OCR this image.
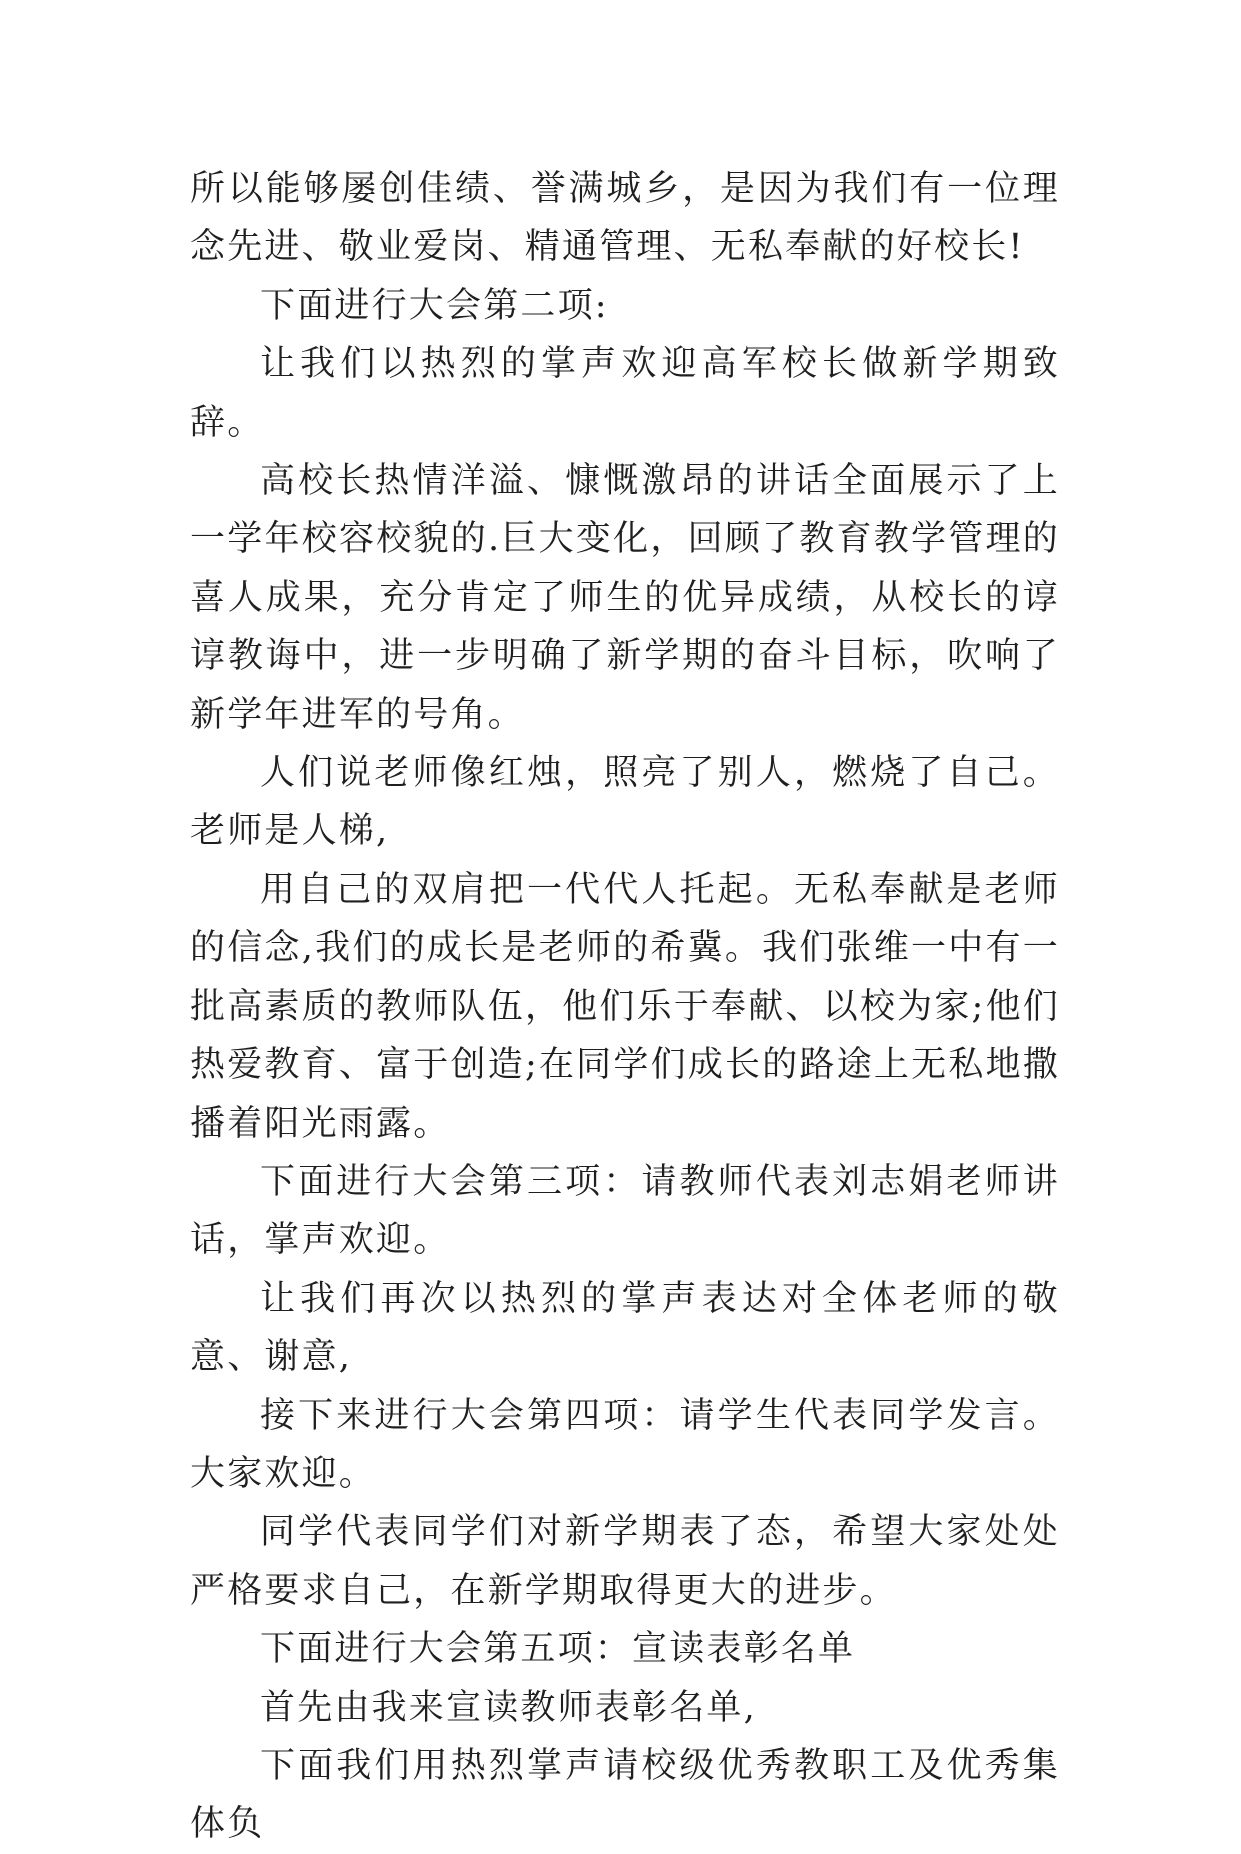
所以能够屡创佳绩、誉满城乡，是因为我们有一位理念先进、敬业爱岗、精通管理、无私奉献的好校长!

下面进行大会第二项:

让我们以热烈的掌声欢迎高军校长做新学期致辞。

高校长热情洋溢、慷慨激昂的讲话全面展示了上一学年校容校貌的.巨大变化，回顾了教育教学管理的喜人成果，充分肯定了师生的优异成绩，从校长的谆谆教诲中，进一步明确了新学期的奋斗目标，吹响了新学年进军的号角。

人们说老师像红烛，照亮了别人，燃烧了自己。老师是人梯,

用自己的双肩把一代代人托起。无私奉献是老师的信念,我们的成长是老师的希冀。我们张维一中有一批高素质的教师队伍，他们乐于奉献、以校为家;他们热爱教育、富于创造;在同学们成长的路途上无私地撒播着阳光雨露。

下面进行大会第三项：请教师代表刘志娟老师讲话，掌声欢迎。

让我们再次以热烈的掌声表达对全体老师的敬意、谢意,

接下来进行大会第四项：请学生代表同学发言。大家欢迎。

同学代表同学们对新学期表了态，希望大家处处严格要求自己，在新学期取得更大的进步。

下面进行大会第五项：宣读表彰名单

首先由我来宣读教师表彰名单,

下面我们用热烈掌声请校级优秀教职工及优秀集体负
